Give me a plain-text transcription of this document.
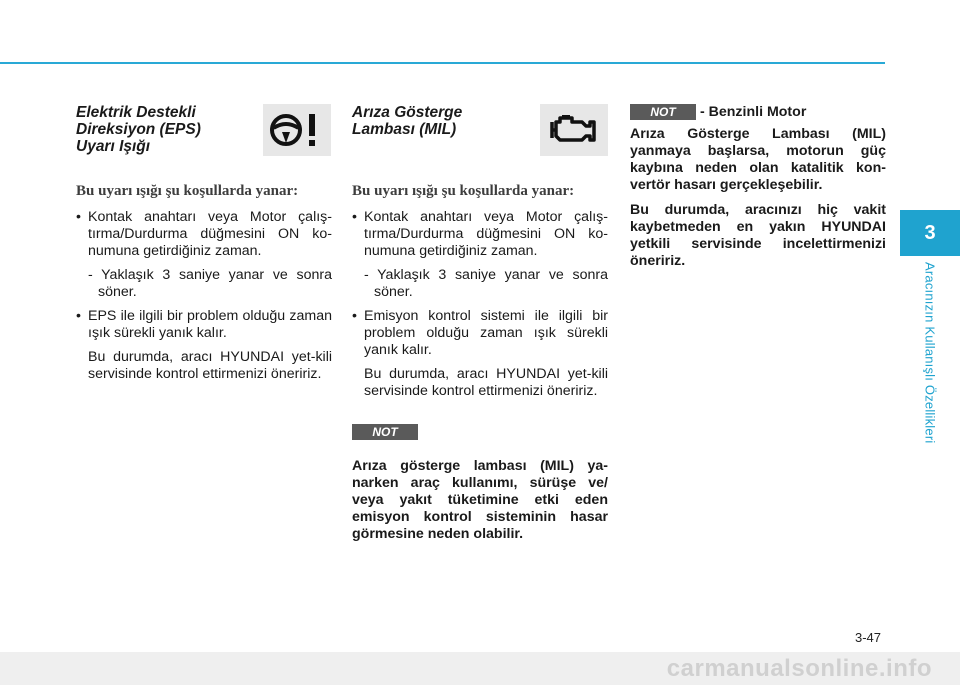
3
Aracınızın Kullanışlı Özellikleri
Elektrik Destekli
Direksiyon (EPS)
Uyarı Işığı

Bu uyarı ışığı şu koşullarda yanar:

• Kontak anahtarı veya Motor çalış-tırma/Durdurma düğmesini ON ko-numuna getirdiğiniz zaman.

- Yaklaşık 3 saniye yanar ve sonra söner.

• EPS ile ilgili bir problem olduğu zaman ışık sürekli yanık kalır.

Bu durumda, aracı HYUNDAI yet-kili servisinde kontrol ettirmenizi öneririz.

Arıza Gösterge
Lambası (MIL)

Bu uyarı ışığı şu koşullarda yanar:

• Kontak anahtarı veya Motor çalış-tırma/Durdurma düğmesini ON ko-numuna getirdiğiniz zaman.

- Yaklaşık 3 saniye yanar ve sonra söner.

• Emisyon kontrol sistemi ile ilgili bir problem olduğu zaman ışık sürekli yanık kalır.

Bu durumda, aracı HYUNDAI yet-kili servisinde kontrol ettirmenizi öneririz.

NOT

Arıza gösterge lambası (MIL) ya-narken araç kullanımı, sürüşe ve/ veya yakıt tüketimine etki eden emisyon kontrol sisteminin hasar görmesine neden olabilir.

NOT - Benzinli Motor

Arıza Gösterge Lambası (MIL) yanmaya başlarsa, motorun güç kaybına neden olan katalitik kon-vertör hasarı gerçekleşebilir.

Bu durumda, aracınızı hiç vakit kaybetmeden en yakın HYUNDAI yetkili servisinde incelettirmenizi öneririz.

3-47
carmanualsonline.info
